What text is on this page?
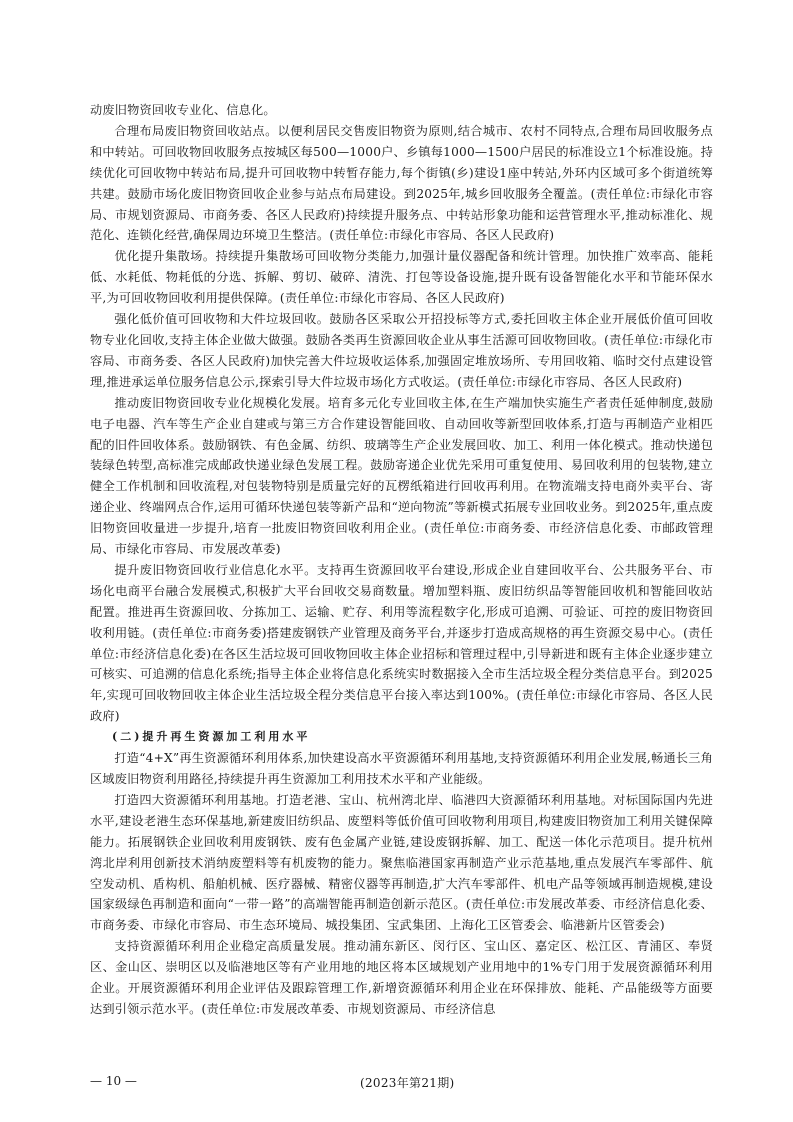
动废旧物资回收专业化、信息化。

合理布局废旧物资回收站点。以便利居民交售废旧物资为原则,结合城市、农村不同特点,合理布局回收服务点和中转站。可回收物回收服务点按城区每500—1000户、乡镇每1000—1500户居民的标准设立1个标准设施。持续优化可回收物中转站布局,提升可回收物中转暂存能力,每个街镇(乡)建设1座中转站,外环内区域可多个街道统筹共建。鼓励市场化废旧物资回收企业参与站点布局建设。到2025年,城乡回收服务全覆盖。(责任单位:市绿化市容局、市规划资源局、市商务委、各区人民政府)持续提升服务点、中转站形象功能和运营管理水平,推动标准化、规范化、连锁化经营,确保周边环境卫生整洁。(责任单位:市绿化市容局、各区人民政府)

优化提升集散场。持续提升集散场可回收物分类能力,加强计量仪器配备和统计管理。加快推广效率高、能耗低、水耗低、物耗低的分选、拆解、剪切、破碎、清洗、打包等设备设施,提升既有设备智能化水平和节能环保水平,为可回收物回收利用提供保障。(责任单位:市绿化市容局、各区人民政府)

强化低价值可回收物和大件垃圾回收。鼓励各区采取公开招投标等方式,委托回收主体企业开展低价值可回收物专业化回收,支持主体企业做大做强。鼓励各类再生资源回收企业从事生活源可回收物回收。(责任单位:市绿化市容局、市商务委、各区人民政府)加快完善大件垃圾收运体系,加强固定堆放场所、专用回收箱、临时交付点建设管理,推进承运单位服务信息公示,探索引导大件垃圾市场化方式收运。(责任单位:市绿化市容局、各区人民政府)

推动废旧物资回收专业化规模化发展。培育多元化专业回收主体,在生产端加快实施生产者责任延伸制度,鼓励电子电器、汽车等生产企业自建或与第三方合作建设智能回收、自动回收等新型回收体系,打造与再制造产业相匹配的旧件回收体系。鼓励钢铁、有色金属、纺织、玻璃等生产企业发展回收、加工、利用一体化模式。推动快递包装绿色转型,高标准完成邮政快递业绿色发展工程。鼓励寄递企业优先采用可重复使用、易回收利用的包装物,建立健全工作机制和回收流程,对包装物特别是质量完好的瓦楞纸箱进行回收再利用。在物流端支持电商外卖平台、寄递企业、终端网点合作,运用可循环快递包装等新产品和“逆向物流”等新模式拓展专业回收业务。到2025年,重点废旧物资回收量进一步提升,培育一批废旧物资回收利用企业。(责任单位:市商务委、市经济信息化委、市邮政管理局、市绿化市容局、市发展改革委)

提升废旧物资回收行业信息化水平。支持再生资源回收平台建设,形成企业自建回收平台、公共服务平台、市场化电商平台融合发展模式,积极扩大平台回收交易商数量。增加塑料瓶、废旧纺织品等智能回收机和智能回收站配置。推进再生资源回收、分拣加工、运输、贮存、利用等流程数字化,形成可追溯、可验证、可控的废旧物资回收利用链。(责任单位:市商务委)搭建废钢铁产业管理及商务平台,并逐步打造成高规格的再生资源交易中心。(责任单位:市经济信息化委)在各区生活垃圾可回收物回收主体企业招标和管理过程中,引导新进和既有主体企业逐步建立可核实、可追溯的信息化系统;指导主体企业将信息化系统实时数据接入全市生活垃圾全程分类信息平台。到2025年,实现可回收物回收主体企业生活垃圾全程分类信息平台接入率达到100%。(责任单位:市绿化市容局、各区人民政府)

(二)提升再生资源加工利用水平

打造“4+X”再生资源循环利用体系,加快建设高水平资源循环利用基地,支持资源循环利用企业发展,畅通长三角区域废旧物资利用路径,持续提升再生资源加工利用技术水平和产业能级。

打造四大资源循环利用基地。打造老港、宝山、杭州湾北岸、临港四大资源循环利用基地。对标国际国内先进水平,建设老港生态环保基地,新建废旧纺织品、废塑料等低价值可回收物利用项目,构建废旧物资加工利用关键保障能力。拓展钢铁企业回收利用废钢铁、废有色金属产业链,建设废钢拆解、加工、配送一体化示范项目。提升杭州湾北岸利用创新技术消纳废塑料等有机废物的能力。聚焦临港国家再制造产业示范基地,重点发展汽车零部件、航空发动机、盾构机、船舶机械、医疗器械、精密仪器等再制造,扩大汽车零部件、机电产品等领域再制造规模,建设国家级绿色再制造和面向“一带一路”的高端智能再制造创新示范区。(责任单位:市发展改革委、市经济信息化委、市商务委、市绿化市容局、市生态环境局、城投集团、宝武集团、上海化工区管委会、临港新片区管委会)

支持资源循环利用企业稳定高质量发展。推动浦东新区、闵行区、宝山区、嘉定区、松江区、青浦区、奉贤区、金山区、崇明区以及临港地区等有产业用地的地区将本区域规划产业用地中的1%专门用于发展资源循环利用企业。开展资源循环利用企业评估及跟踪管理工作,新增资源循环利用企业在环保排放、能耗、产品能级等方面要达到引领示范水平。(责任单位:市发展改革委、市规划资源局、市经济信息

— 10 —	(2023年第21期)
